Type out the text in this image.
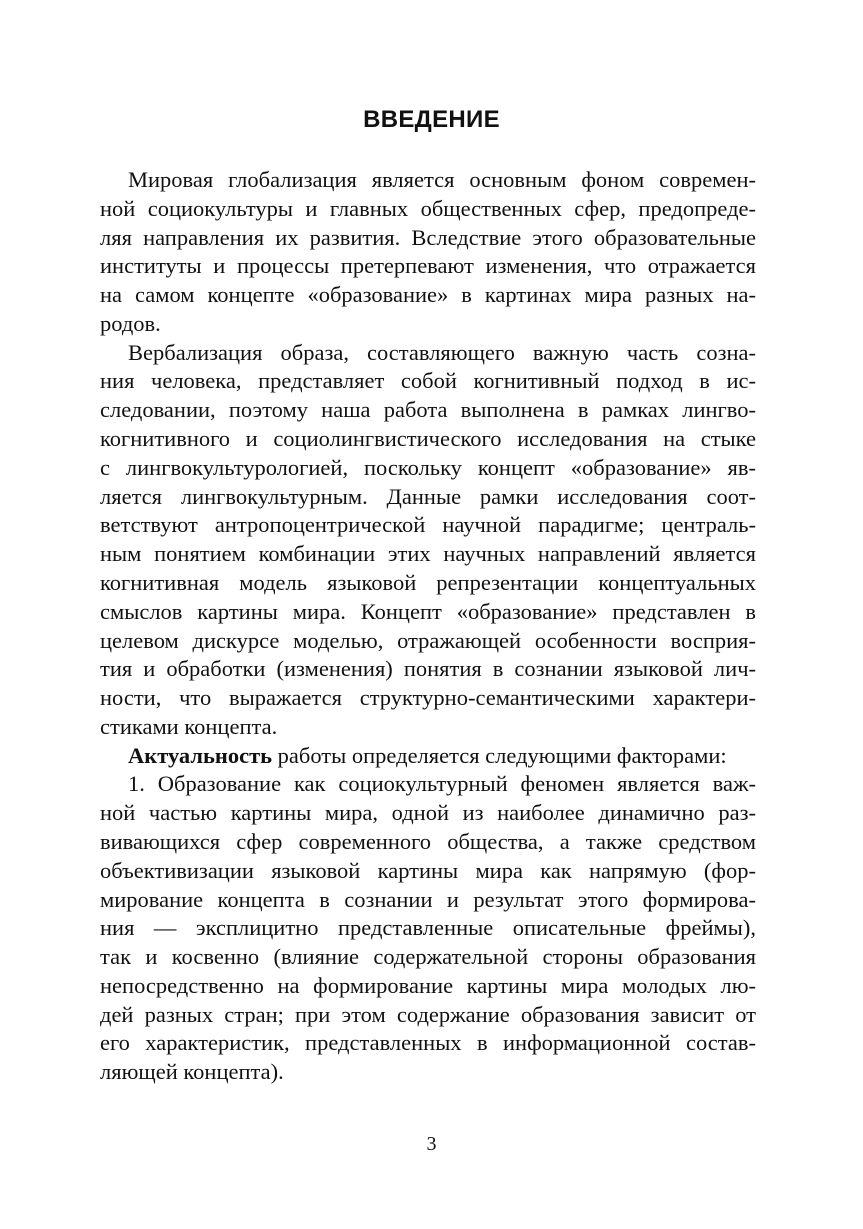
ВВЕДЕНИЕ

Мировая глобализация является основным фоном современ-
ной социокультуры и главных общественных сфер, предопреде-
ляя направления их развития. Вследствие этого образовательные
институты и процессы претерпевают изменения, что отражается
на самом концепте «образование» в картинах мира разных на-
родов.

Вербализация образа, составляющего важную часть созна-
ния человека, представляет собой когнитивный подход в ис-
следовании, поэтому наша работа выполнена в рамках лингво-
когнитивного и социолингвистического исследования на стыке
с лингвокультурологией, поскольку концепт «образование» яв-
ляется лингвокультурным. Данные рамки исследования соот-
ветствуют антропоцентрической научной парадигме; централь-
ным понятием комбинации этих научных направлений является
когнитивная модель языковой репрезентации концептуальных
смыслов картины мира. Концепт «образование» представлен в
целевом дискурсе моделью, отражающей особенности восприя-
тия и обработки (изменения) понятия в сознании языковой лич-
ности, что выражается структурно-семантическими характери-
стиками концепта.

Актуальность работы определяется следующими факторами:

1. Образование как социокультурный феномен является важ-
ной частью картины мира, одной из наиболее динамично раз-
вивающихся сфер современного общества, а также средством
объективизации языковой картины мира как напрямую (фор-
мирование концепта в сознании и результат этого формирова-
ния — эксплицитно представленные описательные фреймы),
так и косвенно (влияние содержательной стороны образования
непосредственно на формирование картины мира молодых лю-
дей разных стран; при этом содержание образования зависит от
его характеристик, представленных в информационной состав-
ляющей концепта).

3
